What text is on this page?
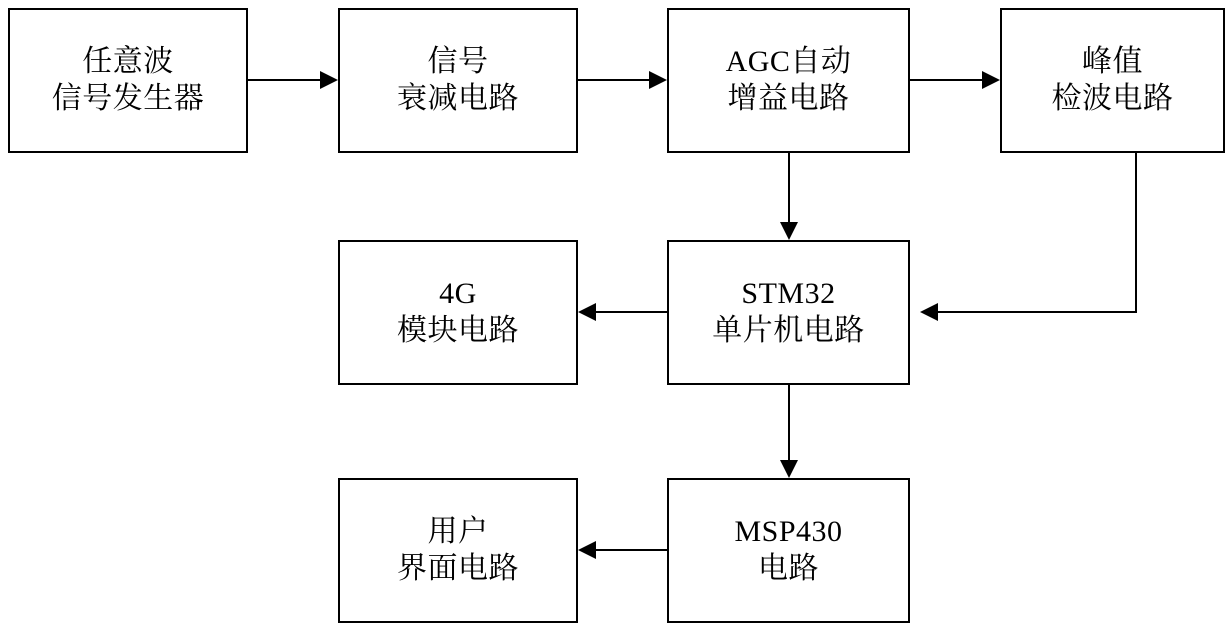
任意波
信号发生器
信号
衰减电路
AGC自动
增益电路
峰值
检波电路
4G
模块电路
STM32
单片机电路
用户
界面电路
MSP430
电路
